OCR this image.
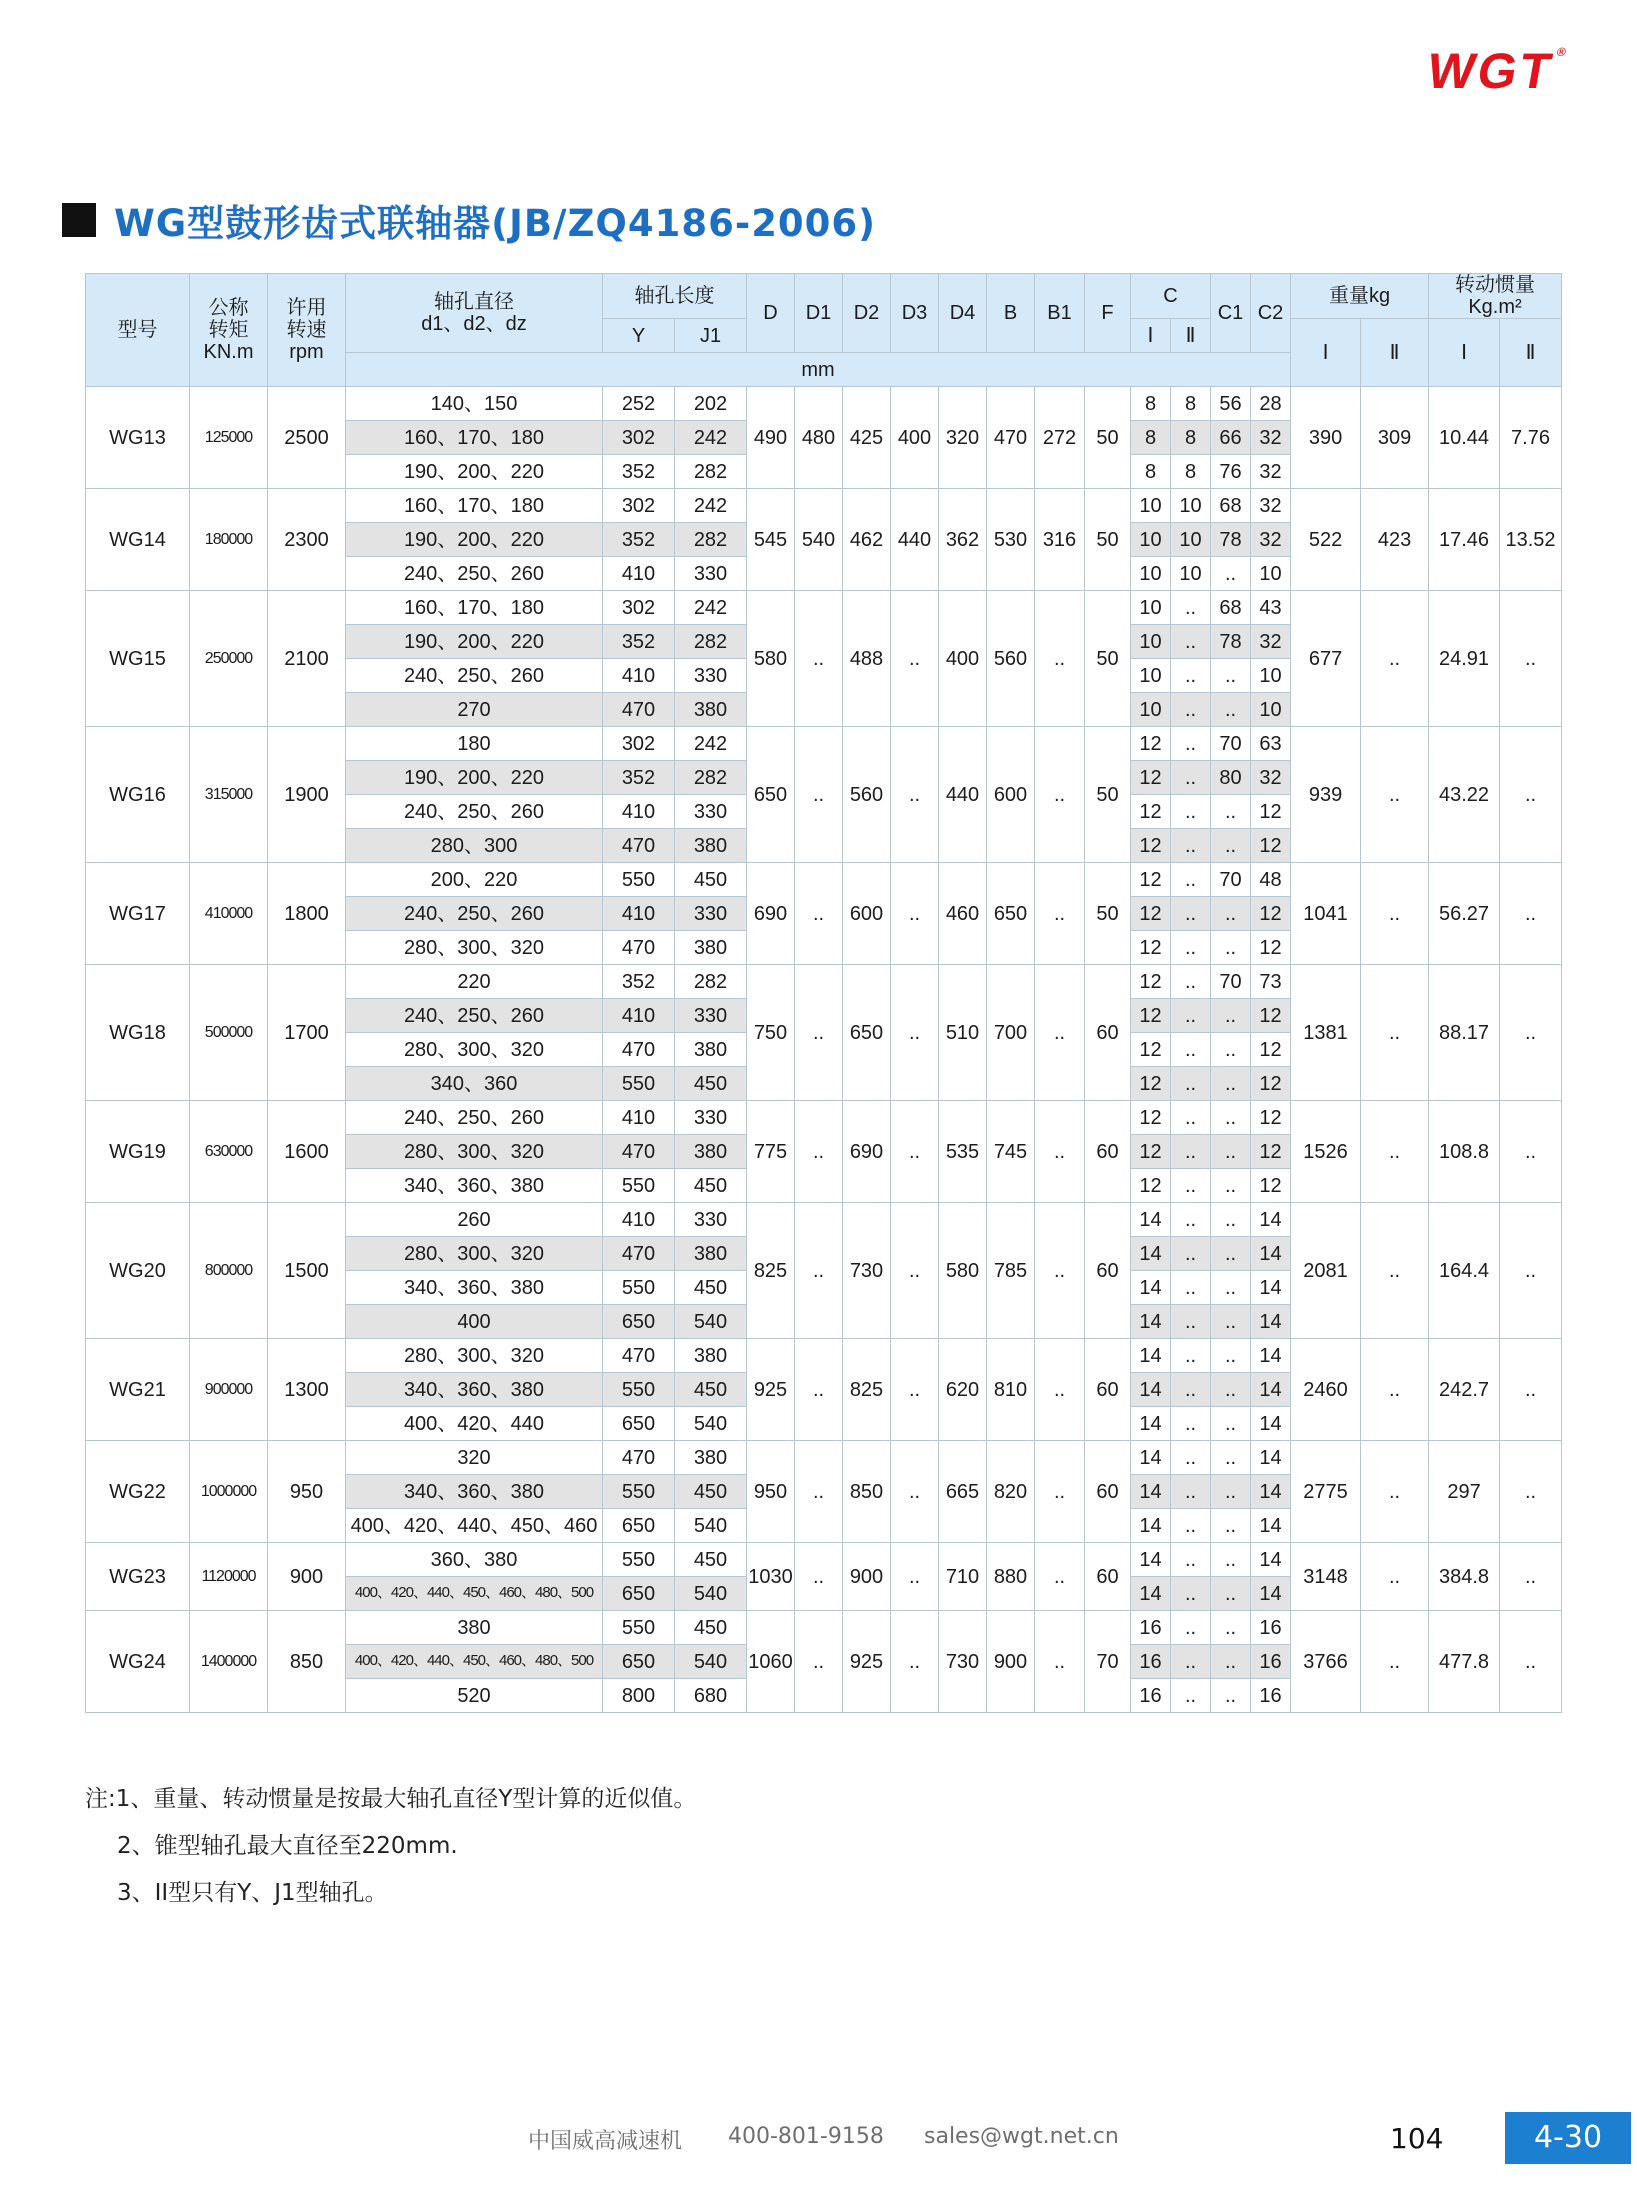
WGT®
WG型鼓形齿式联轴器(JB/ZQ4186-2006)
型号	公称
转矩
KN.m	许用
转速
rpm	轴孔直径
d1、d2、dz	轴孔长度		D	D1	D2	D3	D4	B	B1	F	C		C1	C2	重量kg		转动惯量
Kg.m²	
				Y	J1									Ⅰ	Ⅱ			Ⅰ	Ⅱ	Ⅰ	Ⅱ
			mm																		
WG13	125000	2500	140、150	252	202	490	480	425	400	320	470	272	50	8	8	56	28	390	309	10.44	7.76
			160、170、180	302	242									8	8	66	32				
			190、200、220	352	282									8	8	76	32				
WG14	180000	2300	160、170、180	302	242	545	540	462	440	362	530	316	50	10	10	68	32	522	423	17.46	13.52
			190、200、220	352	282									10	10	78	32				
			240、250、260	410	330									10	10	..	10				
WG15	250000	2100	160、170、180	302	242	580	..	488	..	400	560	..	50	10	..	68	43	677	..	24.91	..
			190、200、220	352	282									10	..	78	32				
			240、250、260	410	330									10	..	..	10				
			270	470	380									10	..	..	10				
WG16	315000	1900	180	302	242	650	..	560	..	440	600	..	50	12	..	70	63	939	..	43.22	..
			190、200、220	352	282									12	..	80	32				
			240、250、260	410	330									12	..	..	12				
			280、300	470	380									12	..	..	12				
WG17	410000	1800	200、220	550	450	690	..	600	..	460	650	..	50	12	..	70	48	1041	..	56.27	..
			240、250、260	410	330									12	..	..	12				
			280、300、320	470	380									12	..	..	12				
WG18	500000	1700	220	352	282	750	..	650	..	510	700	..	60	12	..	70	73	1381	..	88.17	..
			240、250、260	410	330									12	..	..	12				
			280、300、320	470	380									12	..	..	12				
			340、360	550	450									12	..	..	12				
WG19	630000	1600	240、250、260	410	330	775	..	690	..	535	745	..	60	12	..	..	12	1526	..	108.8	..
			280、300、320	470	380									12	..	..	12				
			340、360、380	550	450									12	..	..	12				
WG20	800000	1500	260	410	330	825	..	730	..	580	785	..	60	14	..	..	14	2081	..	164.4	..
			280、300、320	470	380									14	..	..	14				
			340、360、380	550	450									14	..	..	14				
			400	650	540									14	..	..	14				
WG21	900000	1300	280、300、320	470	380	925	..	825	..	620	810	..	60	14	..	..	14	2460	..	242.7	..
			340、360、380	550	450									14	..	..	14				
			400、420、440	650	540									14	..	..	14				
WG22	1000000	950	320	470	380	950	..	850	..	665	820	..	60	14	..	..	14	2775	..	297	..
			340、360、380	550	450									14	..	..	14				
			400、420、440、450、460	650	540									14	..	..	14				
WG23	1120000	900	360、380	550	450	1030	..	900	..	710	880	..	60	14	..	..	14	3148	..	384.8	..
			400、420、440、450、460、480、500	650	540									14	..	..	14				
WG24	1400000	850	380	550	450	1060	..	925	..	730	900	..	70	16	..	..	16	3766	..	477.8	..
			400、420、440、450、460、480、500	650	540									16	..	..	16				
			520	800	680									16	..	..	16				
注:1、重量、转动惯量是按最大轴孔直径Y型计算的近似值。
2、锥型轴孔最大直径至220mm.
3、II型只有Y、J1型轴孔。
中国威高减速机 400-801-9158 sales@wgt.net.cn	104	4-30
